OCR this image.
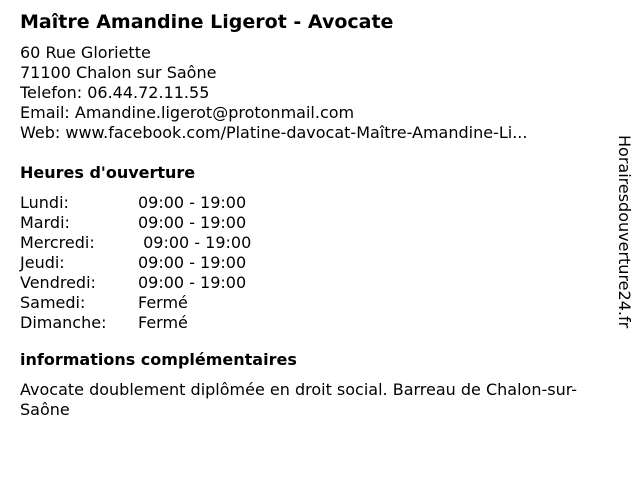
Maître Amandine Ligerot - Avocate
60 Rue Gloriette
71100 Chalon sur Saône
Telefon: 06.44.72.11.55
Email: Amandine.ligerot@protonmail.com
Web: www.facebook.com/Platine-davocat-Maître-Amandine-Li...
Heures d'ouverture
Lundi:	09:00 - 19:00
Mardi:	09:00 - 19:00
Mercredi:	09:00 - 19:00
Jeudi:	09:00 - 19:00
Vendredi:	09:00 - 19:00
Samedi:	Fermé
Dimanche:	Fermé
informations complémentaires
Avocate doublement diplômée en droit social. Barreau de Chalon-sur-Saône
Horairesdouverture24.fr
